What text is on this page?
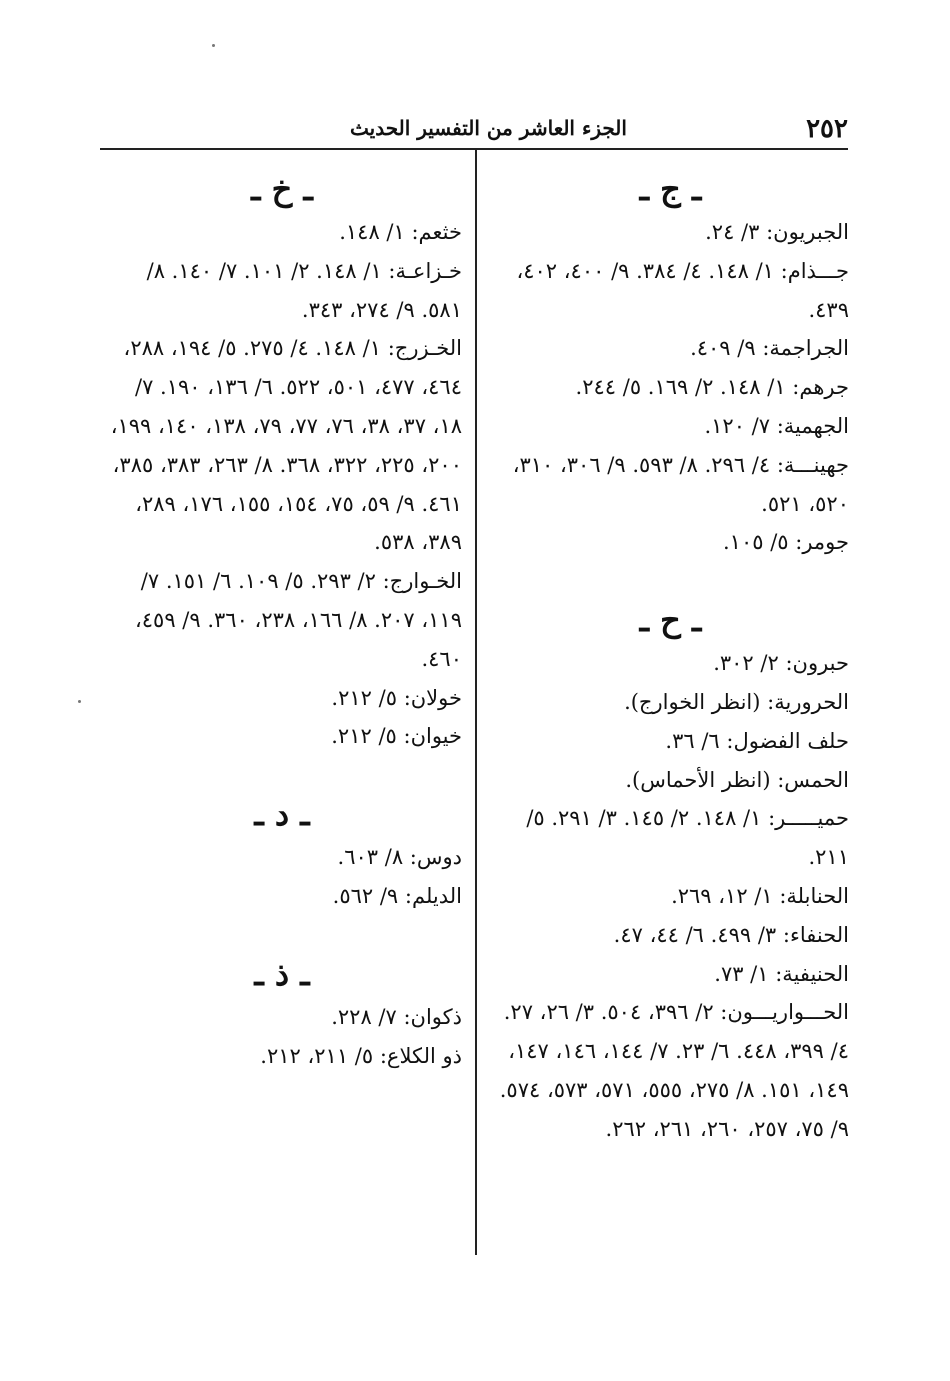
٢٥٢
الجزء العاشر من التفسير الحديث
ـ ج ـ
الجبريون: ٣/ ٢٤.
جـــذام: ١/ ١٤٨. ٤/ ٣٨٤. ٩/ ٤٠٠، ٤٠٢، ٤٣٩.
الجراجمة: ٩/ ٤٠٩.
جرهم: ١/ ١٤٨. ٢/ ١٦٩. ٥/ ٢٤٤.
الجهمية: ٧/ ١٢٠.
جهينـــة: ٤/ ٢٩٦. ٨/ ٥٩٣. ٩/ ٣٠٦، ٣١٠، ٥٢٠، ٥٢١.
جومر: ٥/ ١٠٥.
ـ ح ـ
حبرون: ٢/ ٣٠٢.
الحرورية: (انظر الخوارج).
حلف الفضول: ٦/ ٣٦.
الحمس: (انظر الأحماس).
حميـــــر: ١/ ١٤٨. ٢/ ١٤٥. ٣/ ٢٩١. ٥/ ٢١١.
الحنابلة: ١/ ١٢، ٢٦٩.
الحنفاء: ٣/ ٤٩٩. ٦/ ٤٤، ٤٧.
الحنيفية: ١/ ٧٣.
الحـــواريـــون: ٢/ ٣٩٦، ٥٠٤. ٣/ ٢٦، ٢٧. ٤/ ٣٩٩، ٤٤٨. ٦/ ٢٣. ٧/ ١٤٤، ١٤٦، ١٤٧، ١٤٩، ١٥١. ٨/ ٢٧٥، ٥٥٥، ٥٧١، ٥٧٣، ٥٧٤. ٩/ ٧٥، ٢٥٧، ٢٦٠، ٢٦١، ٢٦٢.
ـ خ ـ
خثعم: ١/ ١٤٨.
خـزاعـة: ١/ ١٤٨. ٢/ ١٠١. ٧/ ١٤٠. ٨/ ٥٨١. ٩/ ٢٧٤، ٣٤٣.
الخـزرج: ١/ ١٤٨. ٤/ ٢٧٥. ٥/ ١٩٤، ٢٨٨، ٤٦٤، ٤٧٧، ٥٠١، ٥٢٢. ٦/ ١٣٦، ١٩٠. ٧/ ١٨، ٣٧، ٣٨، ٧٦، ٧٧، ٧٩، ١٣٨، ١٤٠، ١٩٩، ٢٠٠، ٢٢٥، ٣٢٢، ٣٦٨. ٨/ ٢٦٣، ٣٨٣، ٣٨٥، ٤٦١. ٩/ ٥٩، ٧٥، ١٥٤، ١٥٥، ١٧٦، ٢٨٩، ٣٨٩، ٥٣٨.
الخـوارج: ٢/ ٢٩٣. ٥/ ١٠٩. ٦/ ١٥١. ٧/ ١١٩، ٢٠٧. ٨/ ١٦٦، ٢٣٨، ٣٦٠. ٩/ ٤٥٩، ٤٦٠.
خولان: ٥/ ٢١٢.
خيوان: ٥/ ٢١٢.
ـ د ـ
دوس: ٨/ ٦٠٣.
الديلم: ٩/ ٥٦٢.
ـ ذ ـ
ذكوان: ٧/ ٢٢٨.
ذو الكلاع: ٥/ ٢١١، ٢١٢.
